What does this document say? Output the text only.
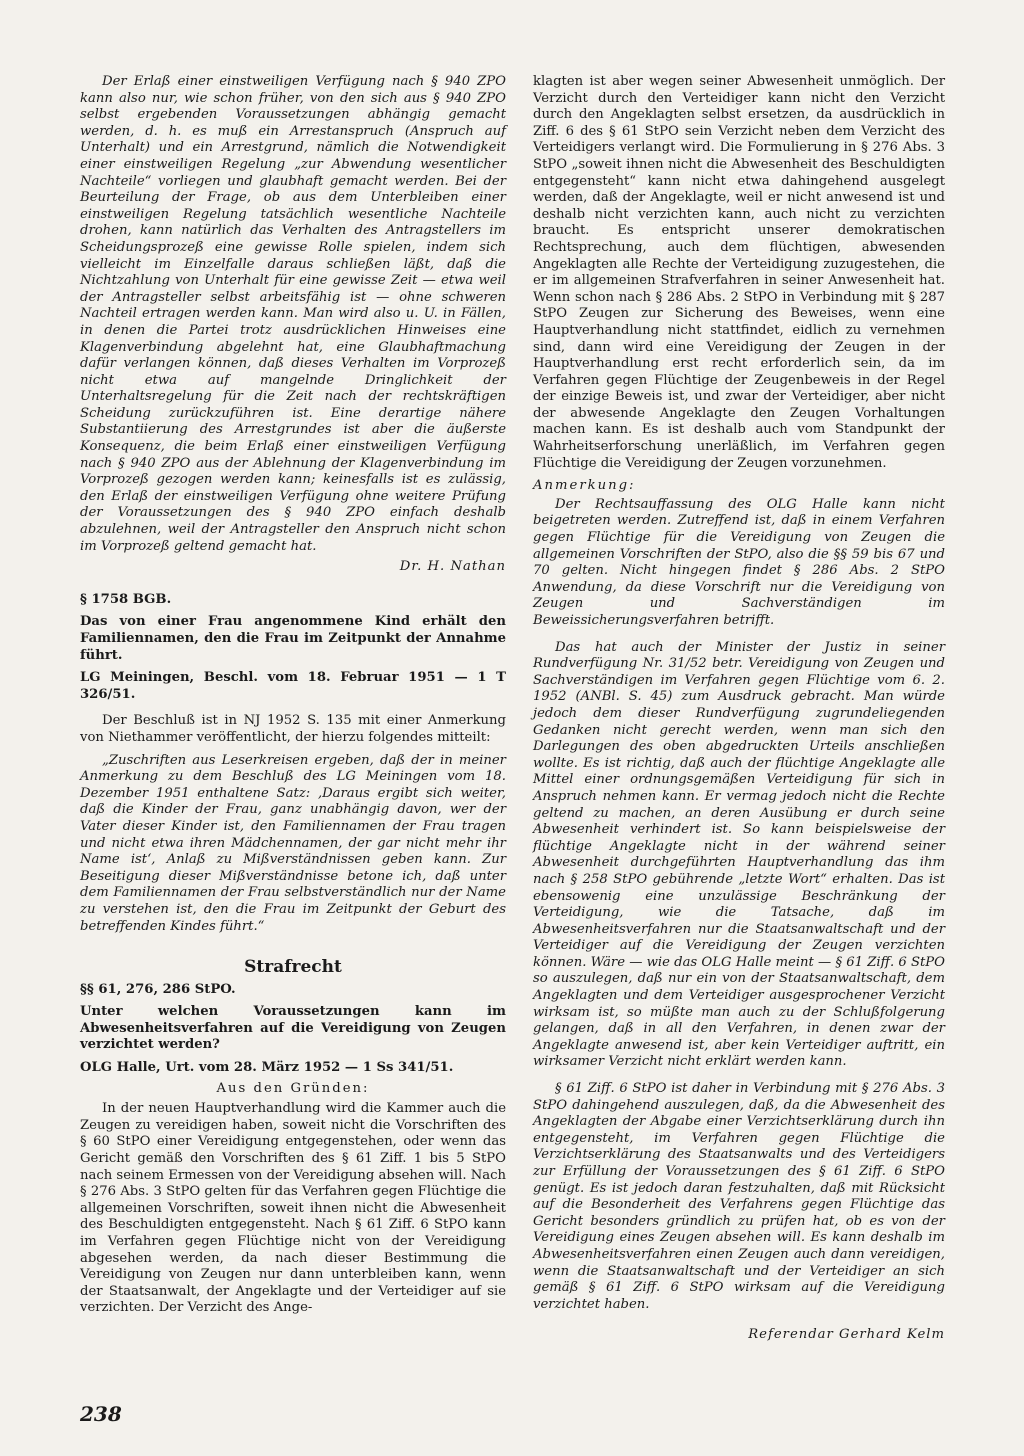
Der Erlaß einer einstweiligen Verfügung nach § 940 ZPO kann also nur, wie schon früher, von den sich aus § 940 ZPO selbst ergebenden Voraussetzungen abhängig gemacht werden, d. h. es muß ein Arrestanspruch (Anspruch auf Unterhalt) und ein Arrestgrund, nämlich die Notwendigkeit einer einstweiligen Regelung „zur Abwendung wesentlicher Nachteile“ vorliegen und glaubhaft gemacht werden. Bei der Beurteilung der Frage, ob aus dem Unterbleiben einer einstweiligen Regelung tatsächlich wesentliche Nachteile drohen, kann natürlich das Verhalten des Antragstellers im Scheidungsprozeß eine gewisse Rolle spielen, indem sich vielleicht im Einzelfalle daraus schließen läßt, daß die Nichtzahlung von Unterhalt für eine gewisse Zeit — etwa weil der Antragsteller selbst arbeitsfähig ist — ohne schweren Nachteil ertragen werden kann. Man wird also u. U. in Fällen, in denen die Partei trotz ausdrücklichen Hinweises eine Klagenverbindung abgelehnt hat, eine Glaubhaftmachung dafür verlangen können, daß dieses Verhalten im Vorprozeß nicht etwa auf mangelnde Dringlichkeit der Unterhaltsregelung für die Zeit nach der rechtskräftigen Scheidung zurückzuführen ist. Eine derartige nähere Substantiierung des Arrestgrundes ist aber die äußerste Konsequenz, die beim Erlaß einer einstweiligen Verfügung nach § 940 ZPO aus der Ablehnung der Klagenverbindung im Vorprozeß gezogen werden kann; keinesfalls ist es zulässig, den Erlaß der einstweiligen Verfügung ohne weitere Prüfung der Voraussetzungen des § 940 ZPO einfach deshalb abzulehnen, weil der Antragsteller den Anspruch nicht schon im Vorprozeß geltend gemacht hat.

Dr. H. Nathan

§ 1758 BGB.

Das von einer Frau angenommene Kind erhält den Familiennamen, den die Frau im Zeitpunkt der Annahme führt.

LG Meiningen, Beschl. vom 18. Februar 1951 — 1 T 326/51.

Der Beschluß ist in NJ 1952 S. 135 mit einer Anmerkung von Niethammer veröffentlicht, der hierzu folgendes mitteilt:

„Zuschriften aus Leserkreisen ergeben, daß der in meiner Anmerkung zu dem Beschluß des LG Meiningen vom 18. Dezember 1951 enthaltene Satz: ‚Daraus ergibt sich weiter, daß die Kinder der Frau, ganz unabhängig davon, wer der Vater dieser Kinder ist, den Familiennamen der Frau tragen und nicht etwa ihren Mädchennamen, der gar nicht mehr ihr Name ist‘, Anlaß zu Mißverständnissen geben kann. Zur Beseitigung dieser Mißverständnisse betone ich, daß unter dem Familiennamen der Frau selbstverständlich nur der Name zu verstehen ist, den die Frau im Zeitpunkt der Geburt des betreffenden Kindes führt.“

Strafrecht

§§ 61, 276, 286 StPO.

Unter welchen Voraussetzungen kann im Abwesenheitsverfahren auf die Vereidigung von Zeugen verzichtet werden?

OLG Halle, Urt. vom 28. März 1952 — 1 Ss 341/51.

Aus den Gründen:

In der neuen Hauptverhandlung wird die Kammer auch die Zeugen zu vereidigen haben, soweit nicht die Vorschriften des § 60 StPO einer Vereidigung entgegenstehen, oder wenn das Gericht gemäß den Vorschriften des § 61 Ziff. 1 bis 5 StPO nach seinem Ermessen von der Vereidigung absehen will. Nach § 276 Abs. 3 StPO gelten für das Verfahren gegen Flüchtige die allgemeinen Vorschriften, soweit ihnen nicht die Abwesenheit des Beschuldigten entgegensteht. Nach § 61 Ziff. 6 StPO kann im Verfahren gegen Flüchtige nicht von der Vereidigung abgesehen werden, da nach dieser Bestimmung die Vereidigung von Zeugen nur dann unterbleiben kann, wenn der Staatsanwalt, der Angeklagte und der Verteidiger auf sie verzichten. Der Verzicht des Ange-

klagten ist aber wegen seiner Abwesenheit unmöglich. Der Verzicht durch den Verteidiger kann nicht den Verzicht durch den Angeklagten selbst ersetzen, da ausdrücklich in Ziff. 6 des § 61 StPO sein Verzicht neben dem Verzicht des Verteidigers verlangt wird. Die Formulierung in § 276 Abs. 3 StPO „soweit ihnen nicht die Abwesenheit des Beschuldigten entgegensteht“ kann nicht etwa dahingehend ausgelegt werden, daß der Angeklagte, weil er nicht anwesend ist und deshalb nicht verzichten kann, auch nicht zu verzichten braucht. Es entspricht unserer demokratischen Rechtsprechung, auch dem flüchtigen, abwesenden Angeklagten alle Rechte der Verteidigung zuzugestehen, die er im allgemeinen Strafverfahren in seiner Anwesenheit hat. Wenn schon nach § 286 Abs. 2 StPO in Verbindung mit § 287 StPO Zeugen zur Sicherung des Beweises, wenn eine Hauptverhandlung nicht stattfindet, eidlich zu vernehmen sind, dann wird eine Vereidigung der Zeugen in der Hauptverhandlung erst recht erforderlich sein, da im Verfahren gegen Flüchtige der Zeugenbeweis in der Regel der einzige Beweis ist, und zwar der Verteidiger, aber nicht der abwesende Angeklagte den Zeugen Vorhaltungen machen kann. Es ist deshalb auch vom Standpunkt der Wahrheitserforschung unerläßlich, im Verfahren gegen Flüchtige die Vereidigung der Zeugen vorzunehmen.

Anmerkung:

Der Rechtsauffassung des OLG Halle kann nicht beigetreten werden. Zutreffend ist, daß in einem Verfahren gegen Flüchtige für die Vereidigung von Zeugen die allgemeinen Vorschriften der StPO, also die §§ 59 bis 67 und 70 gelten. Nicht hingegen findet § 286 Abs. 2 StPO Anwendung, da diese Vorschrift nur die Vereidigung von Zeugen und Sachverständigen im Beweissicherungsverfahren betrifft.

Das hat auch der Minister der Justiz in seiner Rundverfügung Nr. 31/52 betr. Vereidigung von Zeugen und Sachverständigen im Verfahren gegen Flüchtige vom 6. 2. 1952 (ANBl. S. 45) zum Ausdruck gebracht. Man würde jedoch dem dieser Rundverfügung zugrundeliegenden Gedanken nicht gerecht werden, wenn man sich den Darlegungen des oben abgedruckten Urteils anschließen wollte. Es ist richtig, daß auch der flüchtige Angeklagte alle Mittel einer ordnungsgemäßen Verteidigung für sich in Anspruch nehmen kann. Er vermag jedoch nicht die Rechte geltend zu machen, an deren Ausübung er durch seine Abwesenheit verhindert ist. So kann beispielsweise der flüchtige Angeklagte nicht in der während seiner Abwesenheit durchgeführten Hauptverhandlung das ihm nach § 258 StPO gebührende „letzte Wort“ erhalten. Das ist ebensowenig eine unzulässige Beschränkung der Verteidigung, wie die Tatsache, daß im Abwesenheitsverfahren nur die Staatsanwaltschaft und der Verteidiger auf die Vereidigung der Zeugen verzichten können. Wäre — wie das OLG Halle meint — § 61 Ziff. 6 StPO so auszulegen, daß nur ein von der Staatsanwaltschaft, dem Angeklagten und dem Verteidiger ausgesprochener Verzicht wirksam ist, so müßte man auch zu der Schlußfolgerung gelangen, daß in all den Verfahren, in denen zwar der Angeklagte anwesend ist, aber kein Verteidiger auftritt, ein wirksamer Verzicht nicht erklärt werden kann.

§ 61 Ziff. 6 StPO ist daher in Verbindung mit § 276 Abs. 3 StPO dahingehend auszulegen, daß, da die Abwesenheit des Angeklagten der Abgabe einer Verzichtserklärung durch ihn entgegensteht, im Verfahren gegen Flüchtige die Verzichtserklärung des Staatsanwalts und des Verteidigers zur Erfüllung der Voraussetzungen des § 61 Ziff. 6 StPO genügt. Es ist jedoch daran festzuhalten, daß mit Rücksicht auf die Besonderheit des Verfahrens gegen Flüchtige das Gericht besonders gründlich zu prüfen hat, ob es von der Vereidigung eines Zeugen absehen will. Es kann deshalb im Abwesenheitsverfahren einen Zeugen auch dann vereidigen, wenn die Staatsanwaltschaft und der Verteidiger an sich gemäß § 61 Ziff. 6 StPO wirksam auf die Vereidigung verzichtet haben.

Referendar Gerhard Kelm

238
